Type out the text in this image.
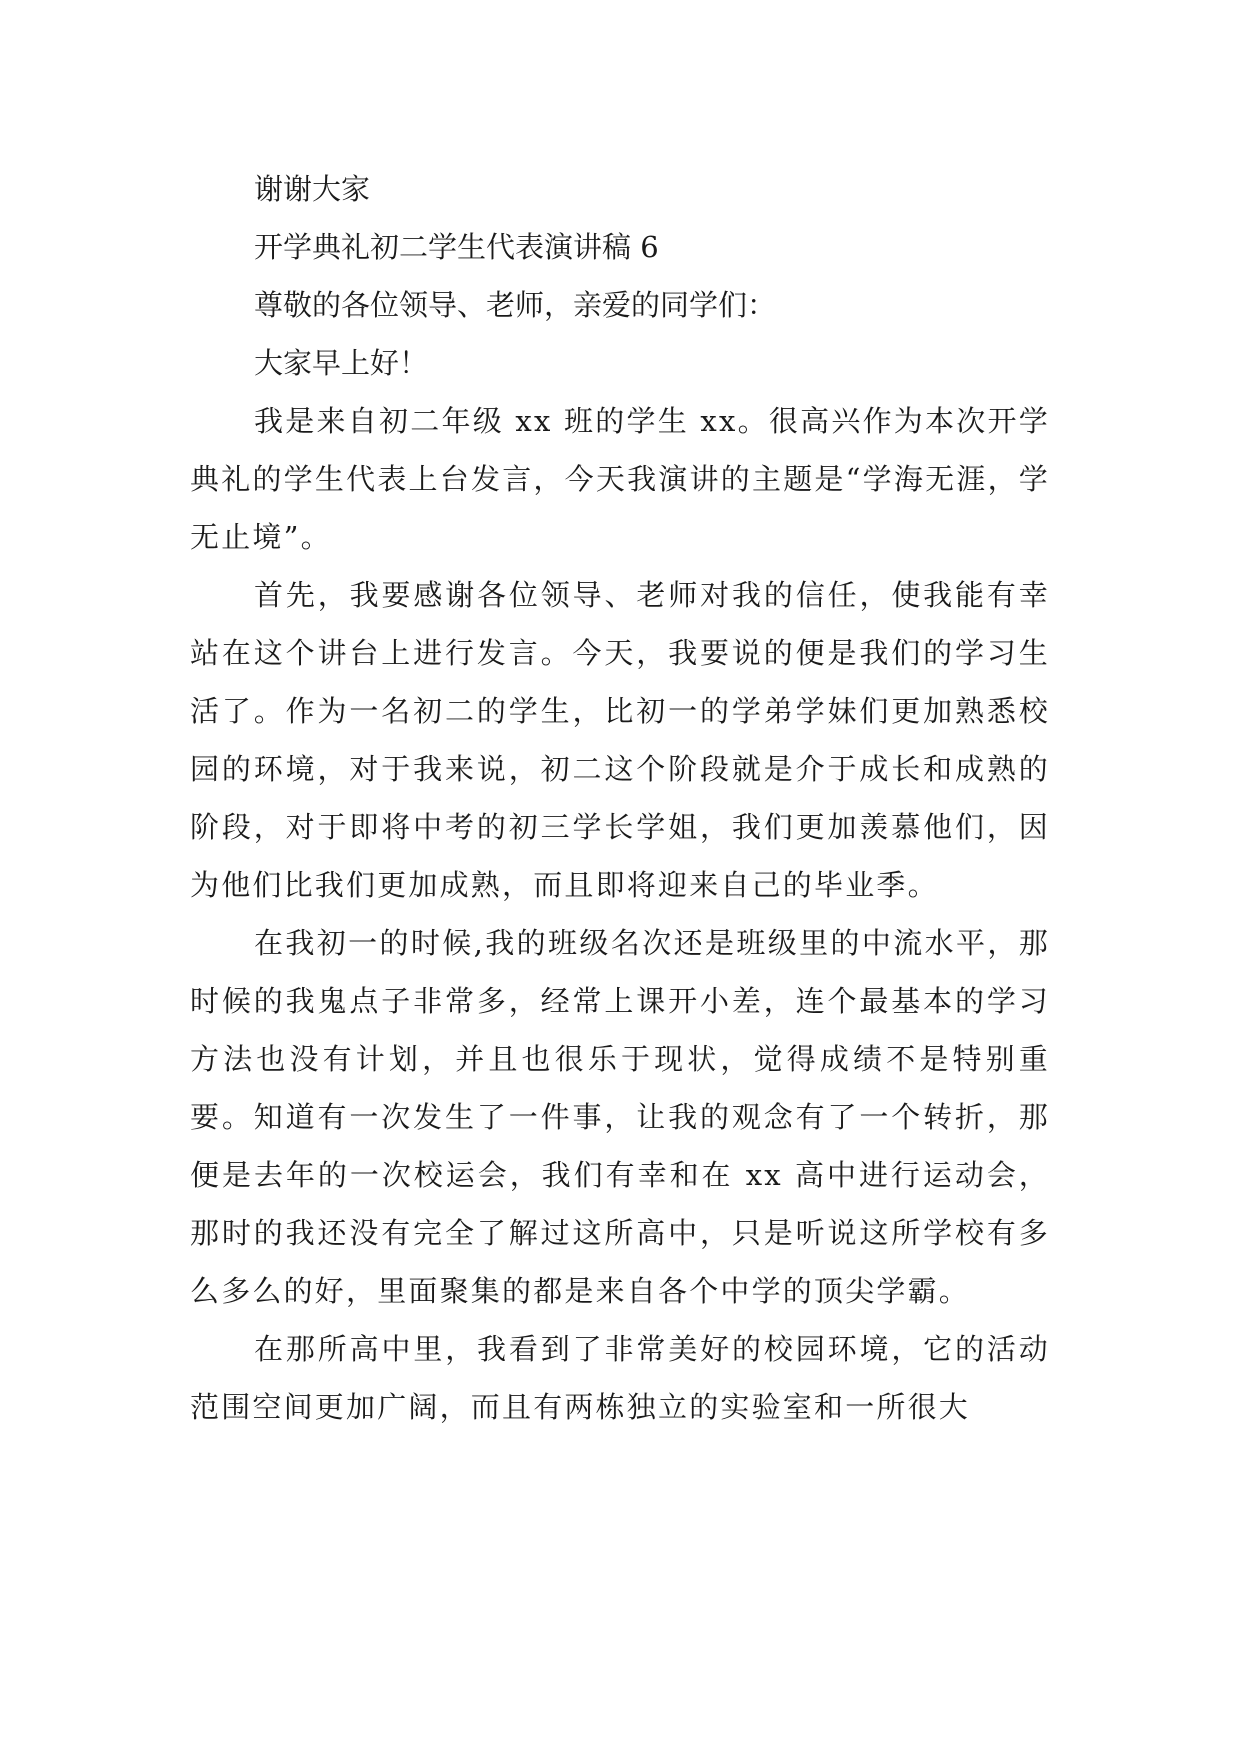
谢谢大家

开学典礼初二学生代表演讲稿 6

尊敬的各位领导、老师，亲爱的同学们：

大家早上好！

我是来自初二年级 xx 班的学生 xx。很高兴作为本次开学典礼的学生代表上台发言，今天我演讲的主题是“学海无涯，学无止境”。

首先，我要感谢各位领导、老师对我的信任，使我能有幸站在这个讲台上进行发言。今天，我要说的便是我们的学习生活了。作为一名初二的学生，比初一的学弟学妹们更加熟悉校园的环境，对于我来说，初二这个阶段就是介于成长和成熟的阶段，对于即将中考的初三学长学姐，我们更加羡慕他们，因为他们比我们更加成熟，而且即将迎来自己的毕业季。

在我初一的时候,我的班级名次还是班级里的中流水平，那时候的我鬼点子非常多，经常上课开小差，连个最基本的学习方法也没有计划，并且也很乐于现状，觉得成绩不是特别重要。知道有一次发生了一件事，让我的观念有了一个转折，那便是去年的一次校运会，我们有幸和在 xx 高中进行运动会，那时的我还没有完全了解过这所高中，只是听说这所学校有多么多么的好，里面聚集的都是来自各个中学的顶尖学霸。

在那所高中里，我看到了非常美好的校园环境，它的活动范围空间更加广阔，而且有两栋独立的实验室和一所很大
